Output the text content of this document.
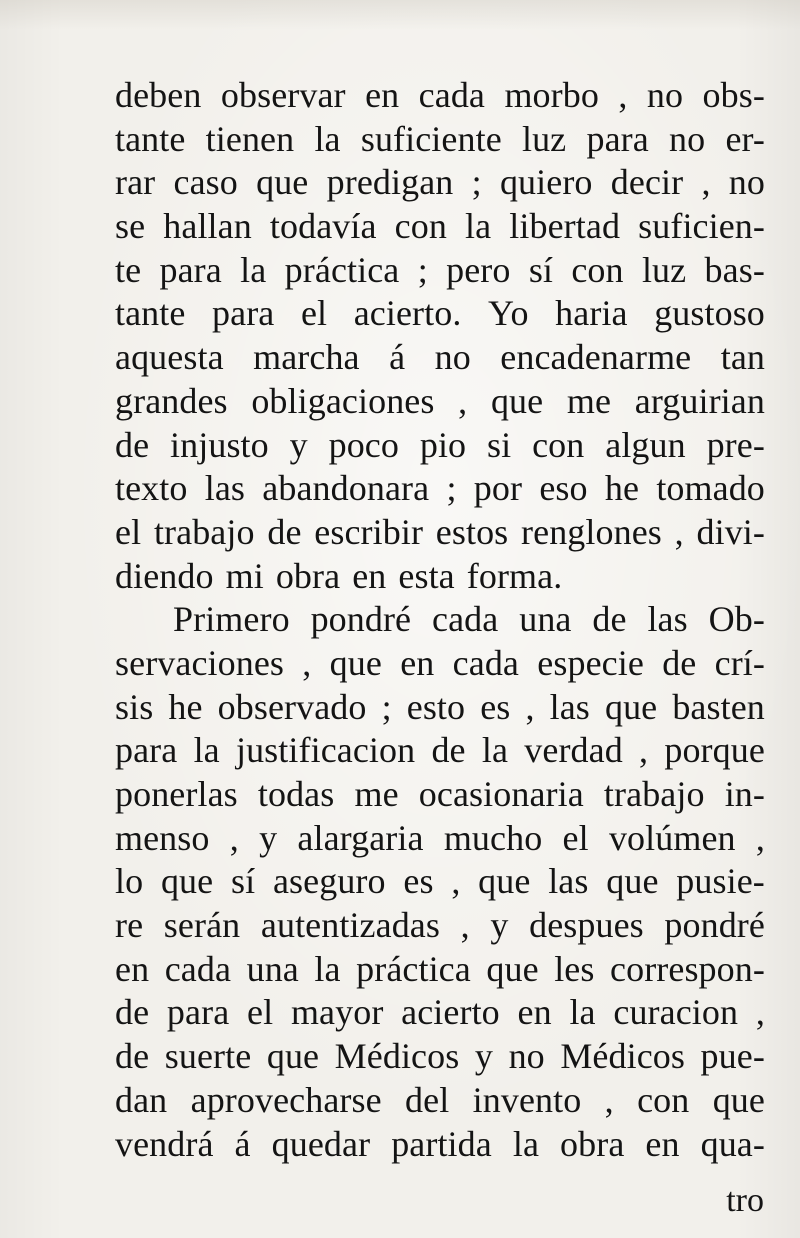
deben observar en cada morbo , no obs-
tante tienen la suficiente luz para no er-
rar caso que predigan ; quiero decir , no
se hallan todavía con la libertad suficien-
te para la práctica ; pero sí con luz bas-
tante para el acierto. Yo haria gustoso
aquesta marcha á no encadenarme tan
grandes obligaciones , que me arguirian
de injusto y poco pio si con algun pre-
texto las abandonara ; por eso he tomado
el trabajo de escribir estos renglones , divi-
diendo mi obra en esta forma.
Primero pondré cada una de las Ob-
servaciones , que en cada especie de crí-
sis he observado ; esto es , las que basten
para la justificacion de la verdad , porque
ponerlas todas me ocasionaria trabajo in-
menso , y alargaria mucho el volúmen ,
lo que sí aseguro es , que las que pusie-
re serán autentizadas , y despues pondré
en cada una la práctica que les correspon-
de para el mayor acierto en la curacion ,
de suerte que Médicos y no Médicos pue-
dan aprovecharse del invento , con que
vendrá á quedar partida la obra en qua-
tro
